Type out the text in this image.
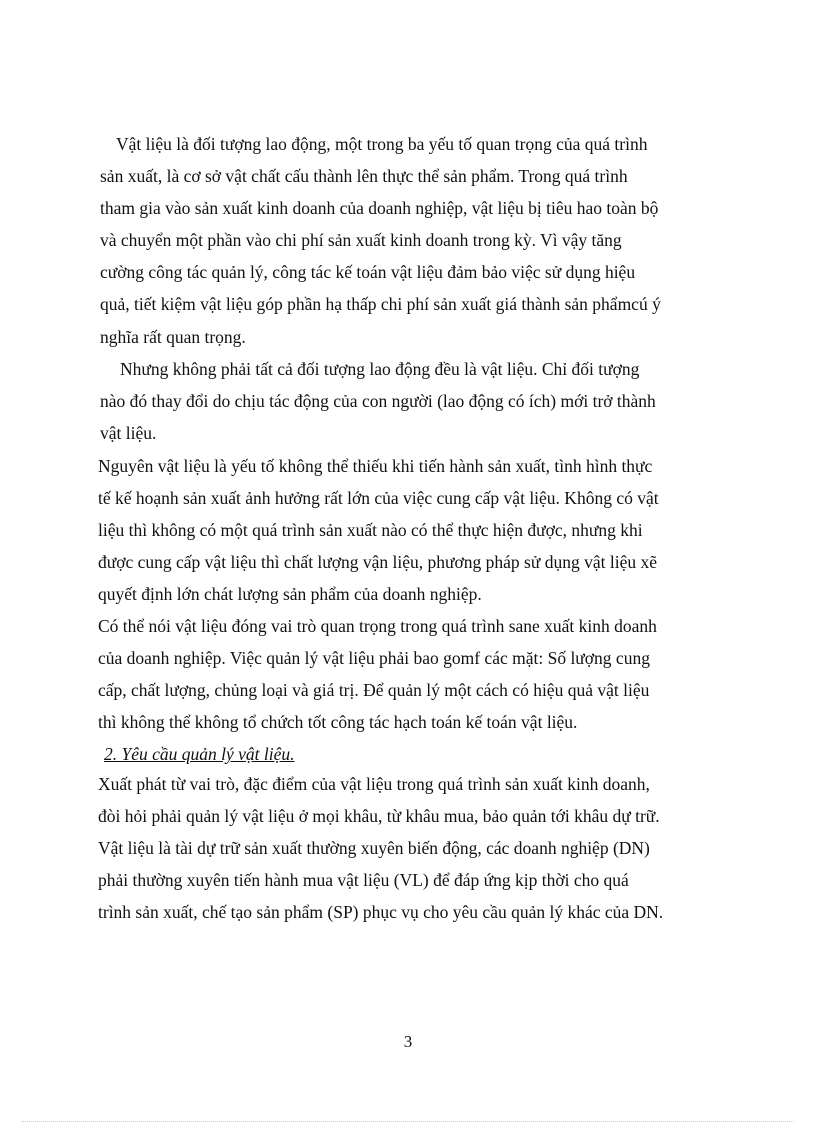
Vật liệu là đối tượng lao động, một trong ba yếu tố quan trọng của quá trình
sản xuất, là cơ sở vật chất cấu thành lên thực thể sản phẩm. Trong quá trình
tham gia vào sản xuất kinh doanh của doanh nghiệp, vật liệu bị tiêu hao toàn bộ
và chuyển một phần vào chi phí sản xuất kinh doanh trong kỳ. Vì vậy tăng
cường công tác quản lý, công tác kế toán vật liệu đảm bảo việc sử dụng hiệu
quả, tiết kiệm vật liệu góp phần hạ thấp chi phí sản xuất giá thành sản phẩmcú ý
nghĩa rất quan trọng.
Nhưng không phải tất cả đối tượng lao động đều là vật liệu. Chỉ đối tượng
nào đó thay đổi do chịu tác động của con người (lao động có ích) mới trở thành
vật liệu.
Nguyên vật liệu là yếu tố không thể thiếu khi tiến hành sản xuất, tình hình thực
tế kế hoạnh sản xuất ảnh hưởng rất lớn của việc cung cấp vật liệu. Không có vật
liệu thì không có một quá trình sản xuất nào có thể thực hiện được, nhưng khi
được cung cấp vật liệu thì chất lượng vận liệu, phương pháp sử dụng vật liệu xẽ
quyết định lớn chát lượng sản phẩm của doanh nghiệp.
Có thể nói vật liệu đóng vai trò quan trọng trong quá trình sane xuất kinh doanh
của doanh nghiệp. Việc quản lý vật liệu phải bao gomf các mặt: Số lượng cung
cấp, chất lượng, chủng loại và giá trị. Để quản lý một cách có hiệu quả vật liệu
thì không thể không tổ chứch tốt công tác hạch toán kế toán vật liệu.
2. Yêu cầu quản lý vật liệu.
Xuất phát từ vai trò, đặc điểm của vật liệu trong quá trình sản xuất kinh doanh,
đòi hỏi phải quản lý vật liệu ở mọi khâu, từ khâu mua, bảo quản tới khâu dự trữ.
Vật liệu là tài dự trữ sản xuất thường xuyên biến động, các doanh nghiệp (DN)
phải thường xuyên tiến hành mua vật liệu (VL) để đáp ứng kịp thời cho quá
trình sản xuất, chế tạo sản phẩm (SP) phục vụ cho yêu cầu quản lý khác của DN.
3
